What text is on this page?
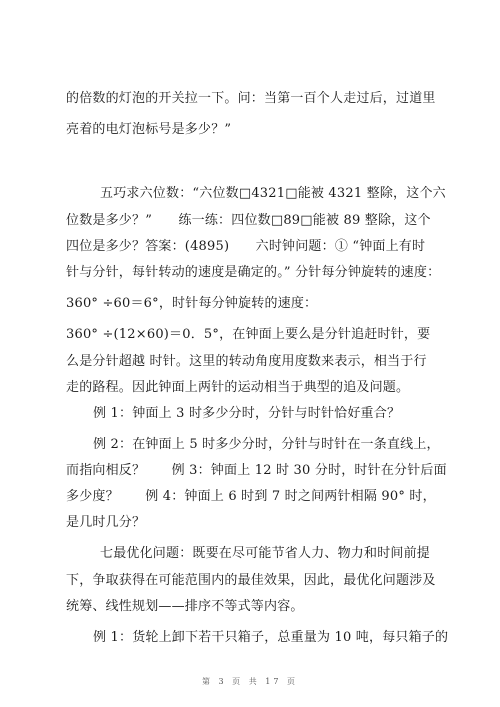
的倍数的灯泡的开关拉一下。问：当第一百个人走过后，过道里
亮着的电灯泡标号是多少？”
五巧求六位数：“六位数□4321□能被 4321 整除，这个六
位数是多少？”　　练一练：四位数□89□能被 89 整除，这个
四位是多少？答案：(4895)　　六时钟问题：① “钟面上有时
针与分针，每针转动的速度是确定的。” 分针每分钟旋转的速度：
360° ÷60＝6°，时针每分钟旋转的速度：
360° ÷(12×60)＝0．5°，在钟面上要么是分针追赶时针，要
么是分针超越 时针。这里的转动角度用度数来表示，相当于行
走的路程。因此钟面上两针的运动相当于典型的追及问题。
例 1：钟面上 3 时多少分时，分针与时针恰好重合？
例 2：在钟面上 5 时多少分时，分针与时针在一条直线上，
而指向相反？　　例 3：钟面上 12 时 30 分时，时针在分针后面
多少度？　　例 4：钟面上 6 时到 7 时之间两针相隔 90° 时，
是几时几分？
七最优化问题：既要在尽可能节省人力、物力和时间前提
下，争取获得在可能范围内的最佳效果，因此，最优化问题涉及
统筹、线性规划——排序不等式等内容。
例 1：货轮上卸下若干只箱子，总重量为 10 吨，每只箱子的
第 3 页 共 17 页
